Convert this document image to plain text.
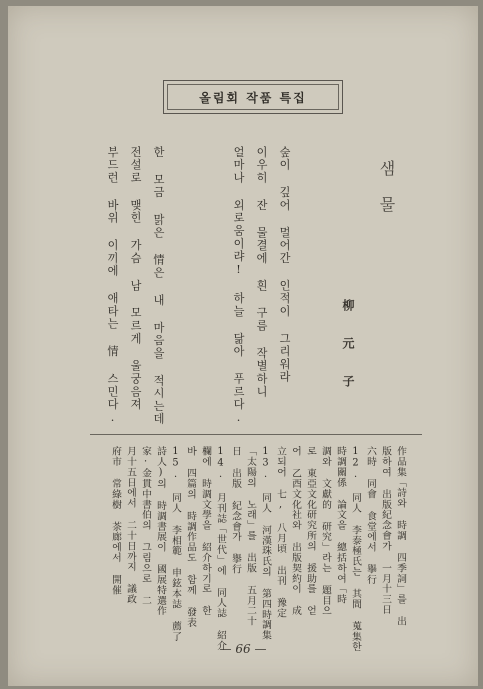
올림회 작품 특집
샘물
柳元子
숲이 깊어 멀어간 인적이 그리워라
이우히 잔 물결에 흰 구름 작별하니
얼마나 외로움이랴! 하늘 닮아 푸르다.
한 모금 맑은 情은 내 마음을 적시는데
전설로 맺힌 가슴 남 모르게 울궁음져
부드런 바위 이끼에 애타는 情 스민다.
作品集「詩와 時調 四季詞」를 出
版하여 出版紀念會가 一月十三日
六時 同會 食堂에서 擧行
12. 同人 李泰極氏는 其間 蒐集한
時調關係 論文을 總括하여「時
調와 文獻的 研究」라는 題目으
로 東亞文化研究所의 援助를 얻
어 乙酉文化社와 出版契約이 成
立되어 七, 八月頃 出刊 豫定
13. 同人 河漢珠氏의 第四時調集
「太陽의 노래」를 出版 五月二十
日 出版 紀念會가 擧行
14. 月刊誌「世代」에 同人誌 紹介
欄에 時調文學을 紹介하기로 한
바 四篇의 時調作品도 함께 發表
15. 同人 李相範 申鉉本誌 薦了
詩人)의 時調書展이 國展特選作
家·金貫中書伯의 그림으로 二
月十五日에서 二十日까지 議政
府市 常綠樹 茶廊에서 開催
— 66 —
